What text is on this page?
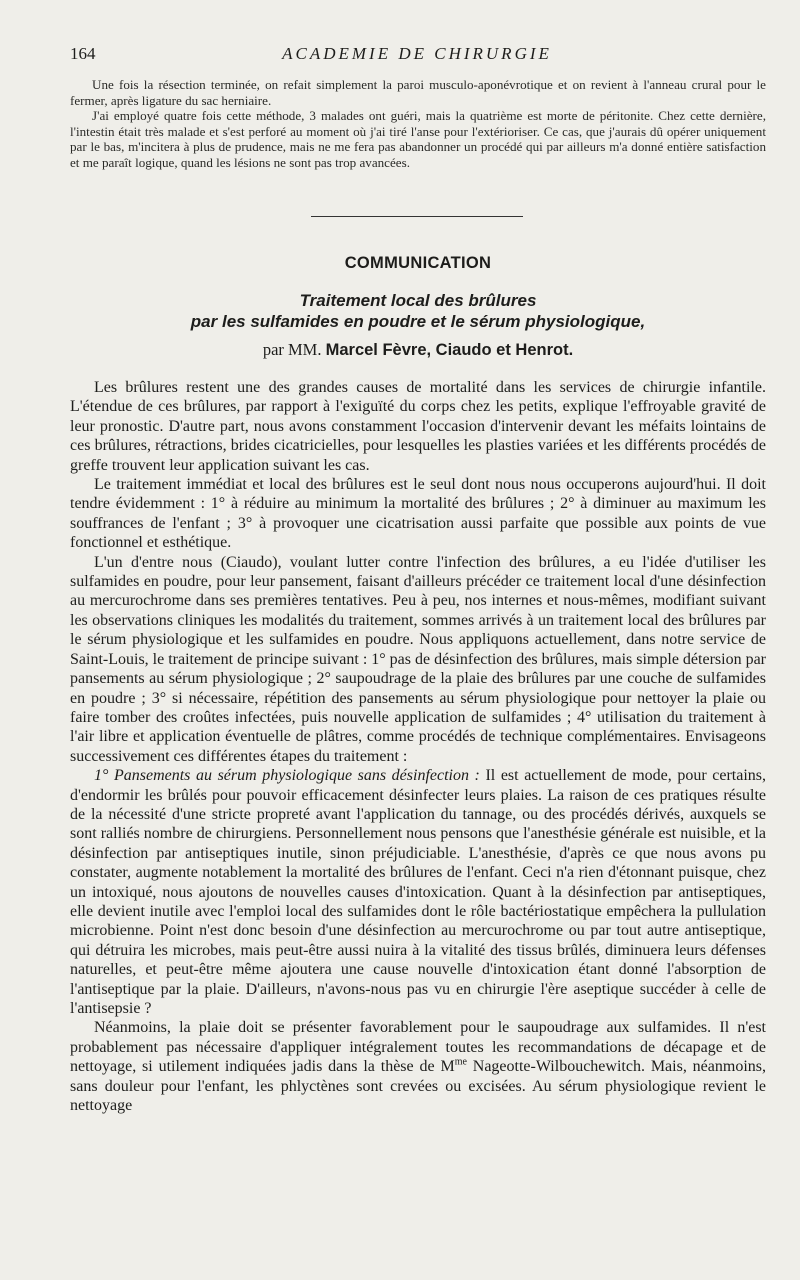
164	ACADEMIE DE CHIRURGIE

Une fois la résection terminée, on refait simplement la paroi musculo-aponévrotique et on revient à l'anneau crural pour le fermer, après ligature du sac herniaire.

J'ai employé quatre fois cette méthode, 3 malades ont guéri, mais la quatrième est morte de péritonite. Chez cette dernière, l'intestin était très malade et s'est perforé au moment où j'ai tiré l'anse pour l'extérioriser. Ce cas, que j'aurais dû opérer uniquement par le bas, m'incitera à plus de prudence, mais ne me fera pas abandonner un procédé qui par ailleurs m'a donné entière satisfaction et me paraît logique, quand les lésions ne sont pas trop avancées.

COMMUNICATION
Traitement local des brûlures
par les sulfamides en poudre et le sérum physiologique,
par MM. Marcel Fèvre, Ciaudo et Henrot.

Les brûlures restent une des grandes causes de mortalité dans les services de chirurgie infantile. L'étendue de ces brûlures, par rapport à l'exiguïté du corps chez les petits, explique l'effroyable gravité de leur pronostic. D'autre part, nous avons constamment l'occasion d'intervenir devant les méfaits lointains de ces brûlures, rétractions, brides cicatricielles, pour lesquelles les plasties variées et les différents procédés de greffe trouvent leur application suivant les cas.

Le traitement immédiat et local des brûlures est le seul dont nous nous occuperons aujourd'hui. Il doit tendre évidemment : 1° à réduire au minimum la mortalité des brûlures ; 2° à diminuer au maximum les souffrances de l'enfant ; 3° à provoquer une cicatrisation aussi parfaite que possible aux points de vue fonctionnel et esthétique.

L'un d'entre nous (Ciaudo), voulant lutter contre l'infection des brûlures, a eu l'idée d'utiliser les sulfamides en poudre, pour leur pansement, faisant d'ailleurs précéder ce traitement local d'une désinfection au mercurochrome dans ses premières tentatives. Peu à peu, nos internes et nous-mêmes, modifiant suivant les observations cliniques les modalités du traitement, sommes arrivés à un traitement local des brûlures par le sérum physiologique et les sulfamides en poudre. Nous appliquons actuellement, dans notre service de Saint-Louis, le traitement de principe suivant : 1° pas de désinfection des brûlures, mais simple détersion par pansements au sérum physiologique ; 2° saupoudrage de la plaie des brûlures par une couche de sulfamides en poudre ; 3° si nécessaire, répétition des pansements au sérum physiologique pour nettoyer la plaie ou faire tomber des croûtes infectées, puis nouvelle application de sulfamides ; 4° utilisation du traitement à l'air libre et application éventuelle de plâtres, comme procédés de technique complémentaires. Envisageons successivement ces différentes étapes du traitement :

1° Pansements au sérum physiologique sans désinfection : Il est actuellement de mode, pour certains, d'endormir les brûlés pour pouvoir efficacement désinfecter leurs plaies. La raison de ces pratiques résulte de la nécessité d'une stricte propreté avant l'application du tannage, ou des procédés dérivés, auxquels se sont ralliés nombre de chirurgiens. Personnellement nous pensons que l'anesthésie générale est nuisible, et la désinfection par antiseptiques inutile, sinon préjudiciable. L'anesthésie, d'après ce que nous avons pu constater, augmente notablement la mortalité des brûlures de l'enfant. Ceci n'a rien d'étonnant puisque, chez un intoxiqué, nous ajoutons de nouvelles causes d'intoxication. Quant à la désinfection par antiseptiques, elle devient inutile avec l'emploi local des sulfamides dont le rôle bactériostatique empêchera la pullulation microbienne. Point n'est donc besoin d'une désinfection au mercurochrome ou par tout autre antiseptique, qui détruira les microbes, mais peut-être aussi nuira à la vitalité des tissus brûlés, diminuera leurs défenses naturelles, et peut-être même ajoutera une cause nouvelle d'intoxication étant donné l'absorption de l'antiseptique par la plaie. D'ailleurs, n'avons-nous pas vu en chirurgie l'ère aseptique succéder à celle de l'antisepsie ?

Néanmoins, la plaie doit se présenter favorablement pour le saupoudrage aux sulfamides. Il n'est probablement pas nécessaire d'appliquer intégralement toutes les recommandations de décapage et de nettoyage, si utilement indiquées jadis dans la thèse de $M^{me}$ Nageotte-Wilbouchewitch. Mais, néanmoins, sans douleur pour l'enfant, les phlyctènes sont crevées ou excisées. Au sérum physiologique revient le nettoyage
